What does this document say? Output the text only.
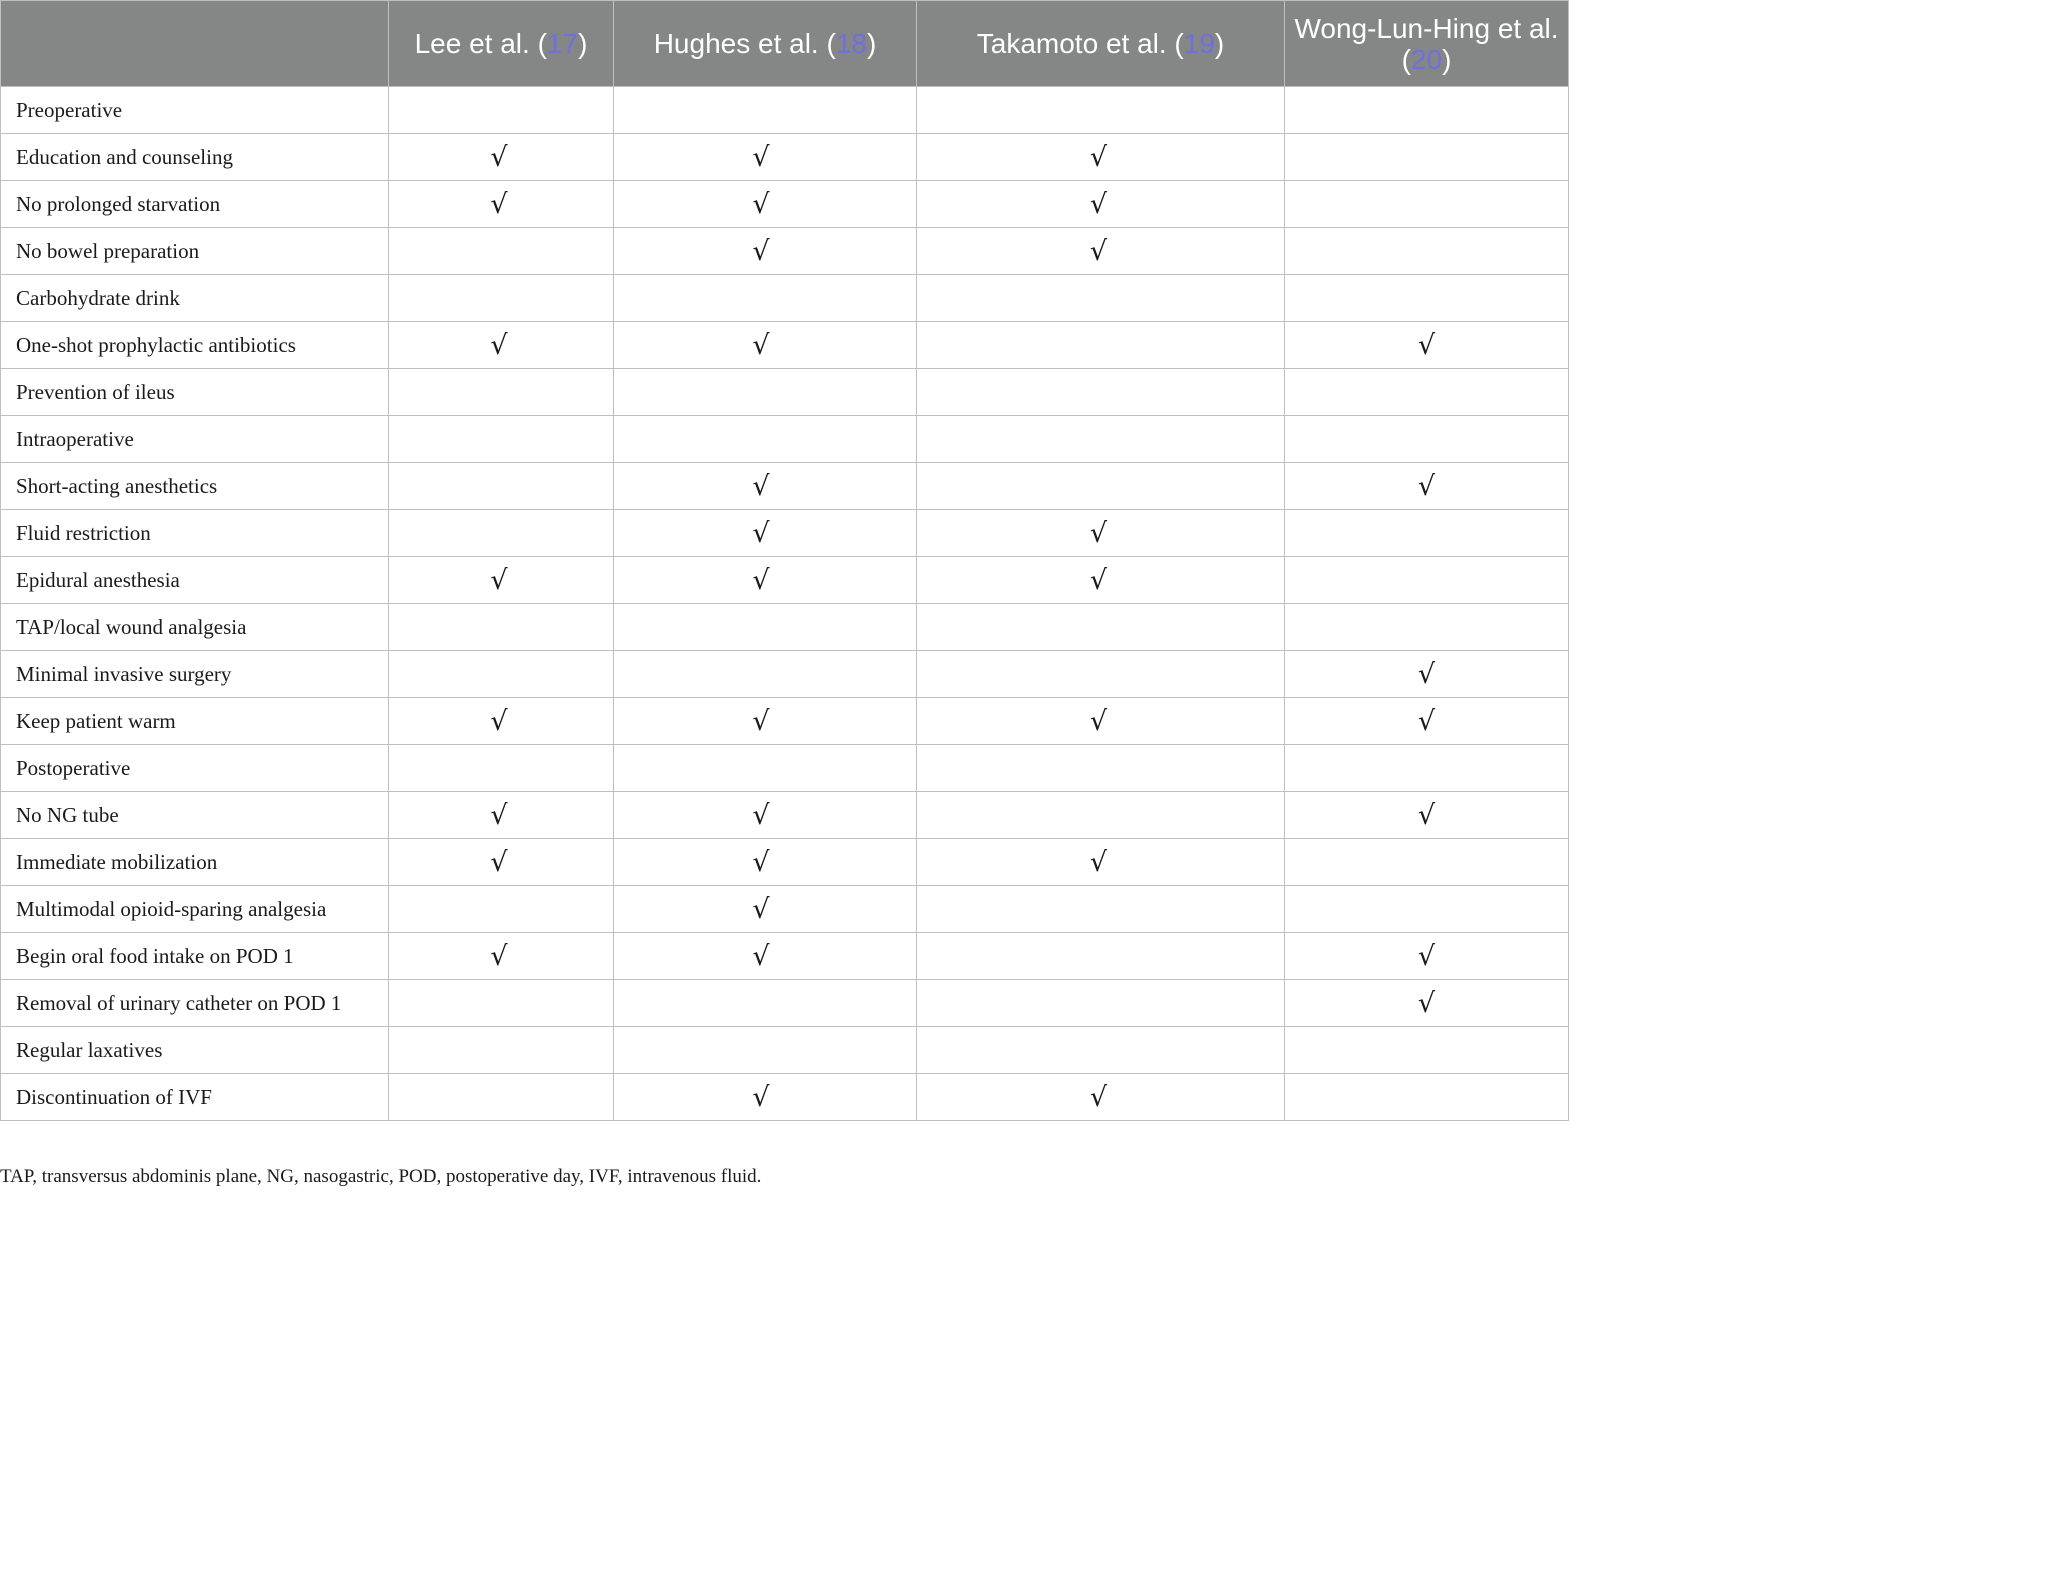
	Lee et al. (17)	Hughes et al. (18)	Takamoto et al. (19)	Wong-Lun-Hing et al. (20)
Preoperative				
Education and counseling	√	√	√	
No prolonged starvation	√	√	√	
No bowel preparation		√	√	
Carbohydrate drink				
One-shot prophylactic antibiotics	√	√		√
Prevention of ileus				
Intraoperative				
Short-acting anesthetics		√		√
Fluid restriction		√	√	
Epidural anesthesia	√	√	√	
TAP/local wound analgesia				
Minimal invasive surgery				√
Keep patient warm	√	√	√	√
Postoperative				
No NG tube	√	√		√
Immediate mobilization	√	√	√	
Multimodal opioid-sparing analgesia		√		
Begin oral food intake on POD 1	√	√		√
Removal of urinary catheter on POD 1				√
Regular laxatives				
Discontinuation of IVF		√	√	
TAP, transversus abdominis plane, NG, nasogastric, POD, postoperative day, IVF, intravenous fluid.
